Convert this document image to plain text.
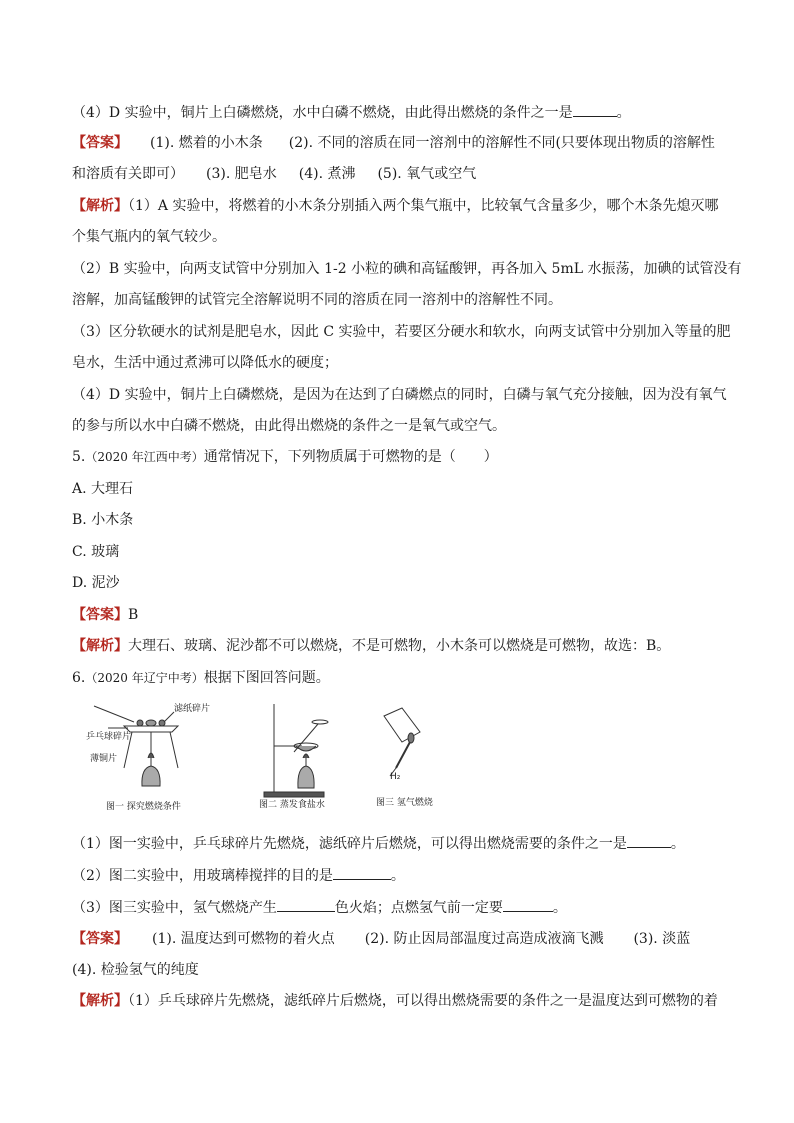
（4）D 实验中，铜片上白磷燃烧，水中白磷不燃烧，由此得出燃烧的条件之一是	。
【答案】 (1). 燃着的小木条 (2). 不同的溶质在同一溶剂中的溶解性不同(只要体现出物质的溶解性
和溶质有关即可） (3). 肥皂水 (4). 煮沸 (5). 氧气或空气
【解析】（1）A 实验中，将燃着的小木条分别插入两个集气瓶中，比较氧气含量多少，哪个木条先熄灭哪
个集气瓶内的氧气较少。
（2）B 实验中，向两支试管中分别加入 1-2 小粒的碘和高锰酸钾，再各加入 5mL 水振荡，加碘的试管没有
溶解，加高锰酸钾的试管完全溶解说明不同的溶质在同一溶剂中的溶解性不同。
（3）区分软硬水的试剂是肥皂水，因此 C 实验中，若要区分硬水和软水，向两支试管中分别加入等量的肥
皂水，生活中通过煮沸可以降低水的硬度；
（4）D 实验中，铜片上白磷燃烧，是因为在达到了白磷燃点的同时，白磷与氧气充分接触，因为没有氧气
的参与所以水中白磷不燃烧，由此得出燃烧的条件之一是氧气或空气。
5.（2020 年江西中考）通常情况下，下列物质属于可燃物的是（　　）
A. 大理石
B. 小木条
C. 玻璃
D. 泥沙
【答案】B
【解析】大理石、玻璃、泥沙都不可以燃烧，不是可燃物，小木条可以燃烧是可燃物，故选：B。
6.（2020 年辽宁中考）根据下图回答问题。
乒乓球碎片
滤纸碎片
薄铜片
H₂
图一 探究燃烧条件	图二 蒸发食盐水	图三 氢气燃烧
（1）图一实验中，乒乓球碎片先燃烧，滤纸碎片后燃烧，可以得出燃烧需要的条件之一是	。
（2）图二实验中，用玻璃棒搅拌的目的是	。
（3）图三实验中，氢气燃烧产生	色火焰；点燃氢气前一定要	。
【答案】 (1). 温度达到可燃物的着火点 (2). 防止因局部温度过高造成液滴飞溅 (3). 淡蓝
(4). 检验氢气的纯度
【解析】（1）乒乓球碎片先燃烧，滤纸碎片后燃烧，可以得出燃烧需要的条件之一是温度达到可燃物的着
